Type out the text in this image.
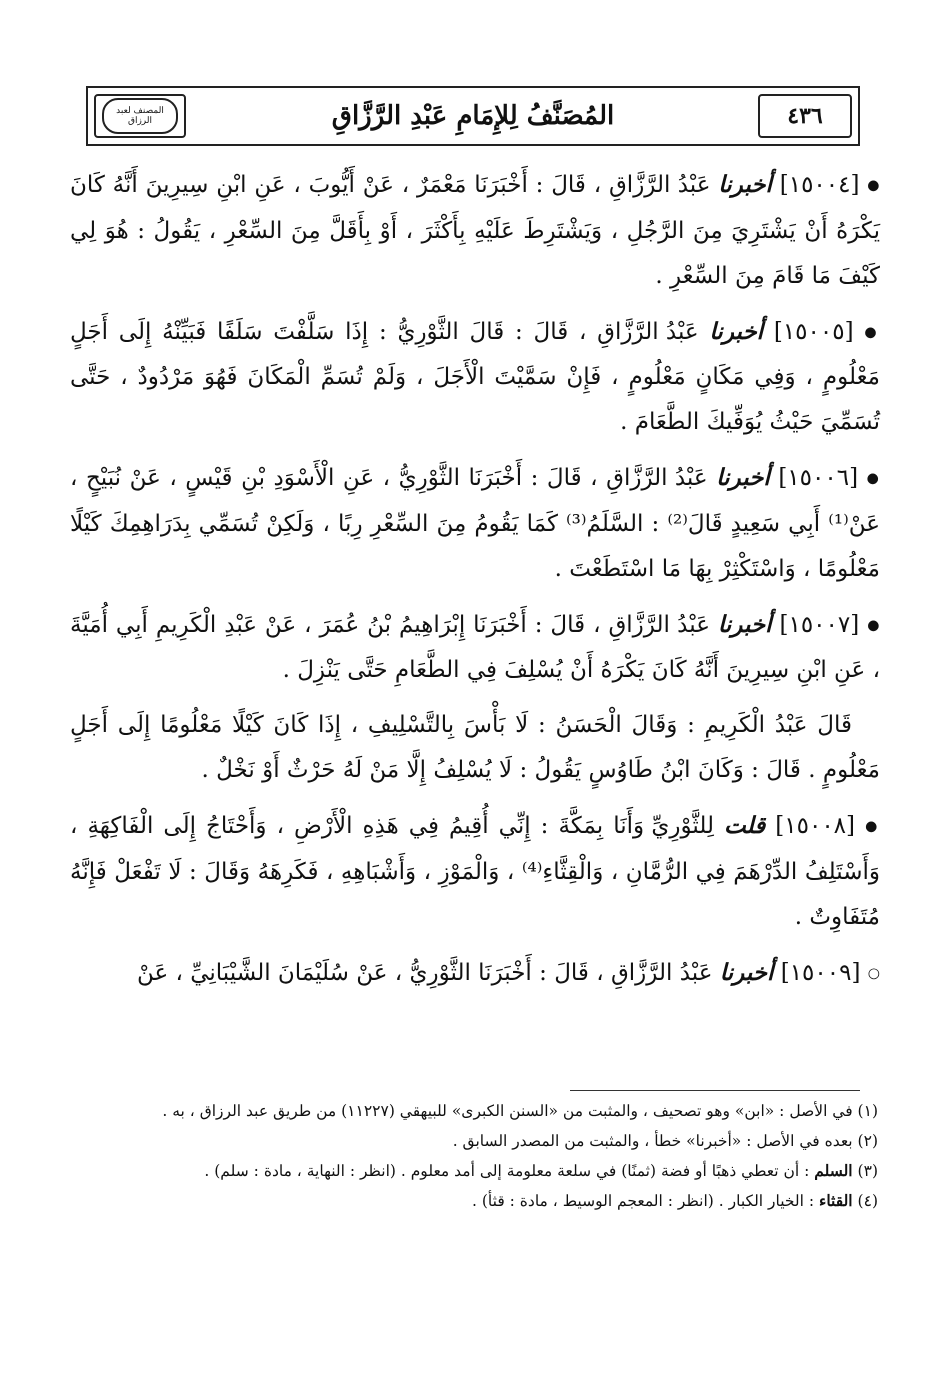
٤٣٦
المُصَنَّفُ لِلإِمَامِ عَبْدِ الرَّزَّاقِ
المصنف لعبد الرزاق

● [١٥٠٠٤] أخبرنا عَبْدُ الرَّزَّاقِ ، قَالَ : أَخْبَرَنَا مَعْمَرٌ ، عَنْ أَيُّوبَ ، عَنِ ابْنِ سِيرِينَ أَنَّهُ كَانَ يَكْرَهُ أَنْ يَشْتَرِيَ مِنَ الرَّجُلِ ، وَيَشْتَرِطَ عَلَيْهِ بِأَكْثَرَ ، أَوْ بِأَقَلَّ مِنَ السِّعْرِ ، يَقُولُ : هُوَ لِي كَيْفَ مَا قَامَ مِنَ السِّعْرِ .

● [١٥٠٠٥] أخبرنا عَبْدُ الرَّزَّاقِ ، قَالَ : قَالَ الثَّوْرِيُّ : إِذَا سَلَّفْتَ سَلَفًا فَبَيِّنْهُ إِلَى أَجَلٍ مَعْلُومٍ ، وَفِي مَكَانٍ مَعْلُومٍ ، فَإِنْ سَمَّيْتَ الْأَجَلَ ، وَلَمْ تُسَمِّ الْمَكَانَ فَهُوَ مَرْدُودٌ ، حَتَّى تُسَمِّيَ حَيْثُ يُوَفِّيكَ الطَّعَامَ .

● [١٥٠٠٦] أخبرنا عَبْدُ الرَّزَّاقِ ، قَالَ : أَخْبَرَنَا الثَّوْرِيُّ ، عَنِ الْأَسْوَدِ بْنِ قَيْسٍ ، عَنْ نُبَيْحٍ ، عَنْ⁽¹⁾ أَبِي سَعِيدٍ قَالَ⁽²⁾ : السَّلَمُ⁽³⁾ كَمَا يَقُومُ مِنَ السِّعْرِ رِبًا ، وَلَكِنْ تُسَمِّي بِدَرَاهِمِكَ كَيْلًا مَعْلُومًا ، وَاسْتَكْثِرْ بِهَا مَا اسْتَطَعْتَ .

● [١٥٠٠٧] أخبرنا عَبْدُ الرَّزَّاقِ ، قَالَ : أَخْبَرَنَا إِبْرَاهِيمُ بْنُ عُمَرَ ، عَنْ عَبْدِ الْكَرِيمِ أَبِي أُمَيَّةَ ، عَنِ ابْنِ سِيرِينَ أَنَّهُ كَانَ يَكْرَهُ أَنْ يُسْلِفَ فِي الطَّعَامِ حَتَّى يَنْزِلَ .

قَالَ عَبْدُ الْكَرِيمِ : وَقَالَ الْحَسَنُ : لَا بَأْسَ بِالتَّسْلِيفِ ، إِذَا كَانَ كَيْلًا مَعْلُومًا إِلَى أَجَلٍ مَعْلُومٍ . قَالَ : وَكَانَ ابْنُ طَاوُسٍ يَقُولُ : لَا يُسْلِفُ إِلَّا مَنْ لَهُ حَرْثٌ أَوْ نَخْلٌ .

● [١٥٠٠٨] قلت لِلثَّوْرِيِّ وَأَنَا بِمَكَّةَ : إِنِّي أُقِيمُ فِي هَذِهِ الْأَرْضِ ، وَأَحْتَاجُ إِلَى الْفَاكِهَةِ ، وَأَسْتَلِفُ الدِّرْهَمَ فِي الرُّمَّانِ ، وَالْقِثَّاءِ⁽⁴⁾ ، وَالْمَوْزِ ، وَأَشْبَاهِهِ ، فَكَرِهَهُ وَقَالَ : لَا تَفْعَلْ فَإِنَّهُ مُتَفَاوِتٌ .

○ [١٥٠٠٩] أخبرنا عَبْدُ الرَّزَّاقِ ، قَالَ : أَخْبَرَنَا الثَّوْرِيُّ ، عَنْ سُلَيْمَانَ الشَّيْبَانِيِّ ، عَنْ

(١) في الأصل : «ابن» وهو تصحيف ، والمثبت من «السنن الكبرى» للبيهقي (١١٢٢٧) من طريق عبد الرزاق ، به .

(٢) بعده في الأصل : «أخبرنا» خطأ ، والمثبت من المصدر السابق .

(٣) السلم : أن تعطي ذهبًا أو فضة (ثمنًا) في سلعة معلومة إلى أمد معلوم . (انظر : النهاية ، مادة : سلم) .

(٤) القثاء : الخيار الكبار . (انظر : المعجم الوسيط ، مادة : قثأ) .
